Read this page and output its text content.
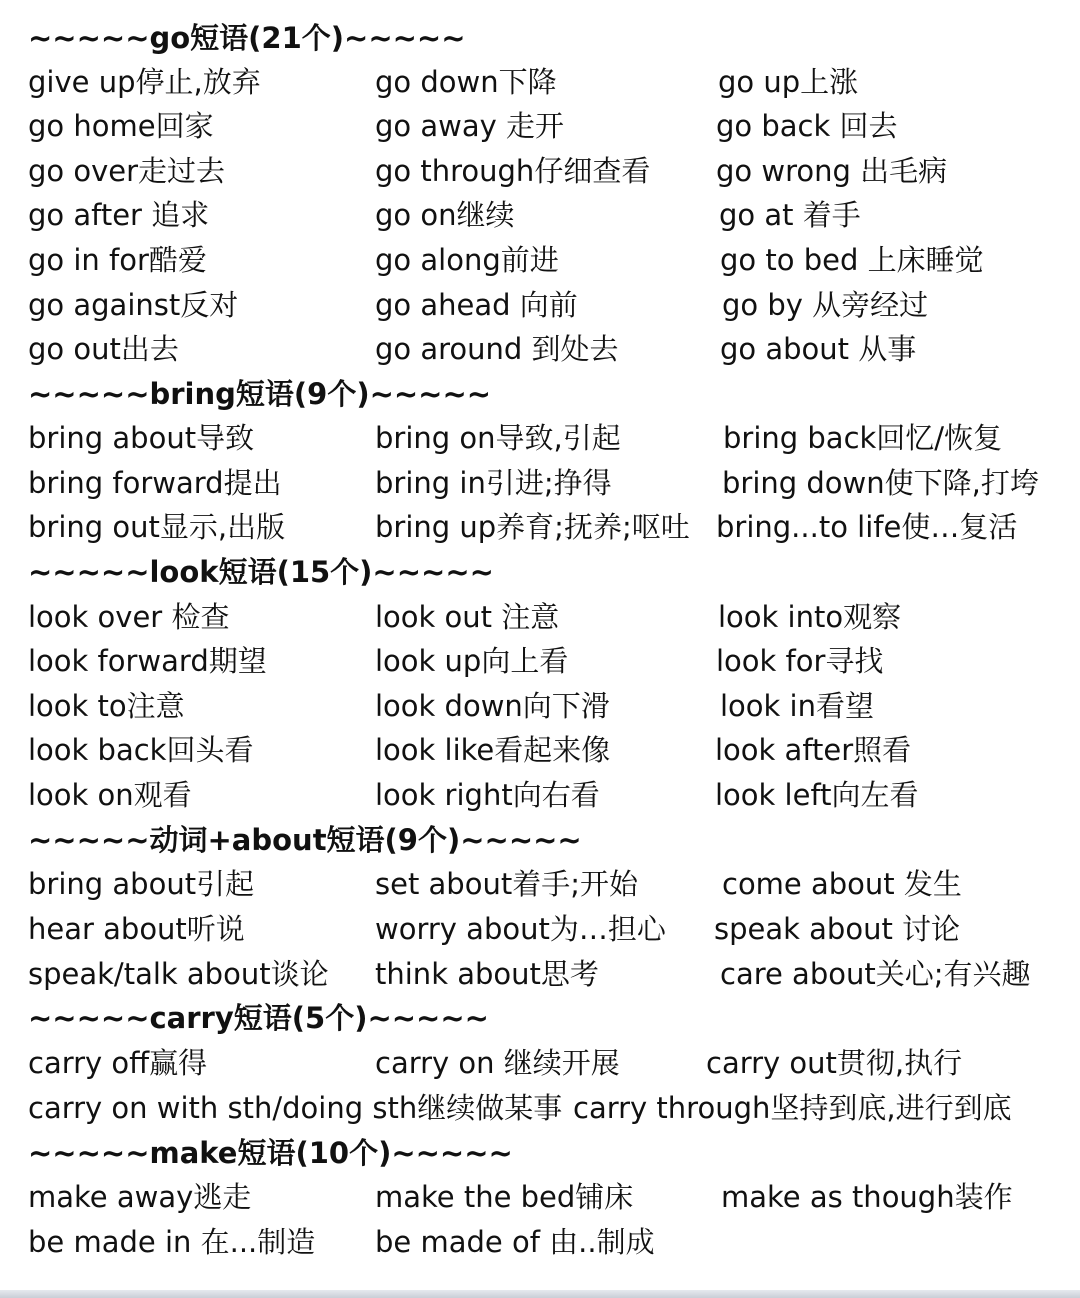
~~~~~go短语(21个)~~~~~
give up停止,放弃	go down下降	go up上涨
go home回家	go away 走开	go back 回去
go over走过去	go through仔细查看 go wrong 出毛病
go after 追求	go on继续	go at 着手
go in for酷爱	go along前进	go to bed 上床睡觉
go against反对	go ahead 向前	go by 从旁经过
go out出去	go around 到处去	go about 从事
~~~~~bring短语(9个)~~~~~
bring about导致	bring on导致,引起	bring back回忆/恢复
bring forward提出	bring in引进;挣得	bring down使下降,打垮
bring out显示,出版	bring up养育;抚养;呕吐 bring...to life使…复活
~~~~~look短语(15个)~~~~~
look over 检查	look out 注意	look into观察
look forward期望	look up向上看	look for寻找
look to注意	look down向下滑	look in看望
look back回头看	look like看起来像	look after照看
look on观看	look right向右看	look left向左看
~~~~~动词+about短语(9个)~~~~~
bring about引起	set about着手;开始	come about 发生
hear about听说	worry about为…担心 speak about 讨论
speak/talk about谈论 think about思考	care about关心;有兴趣
~~~~~carry短语(5个)~~~~~
carry off赢得	carry on 继续开展	carry out贯彻,执行
carry on with sth/doing sth继续做某事 carry through坚持到底,进行到底
~~~~~make短语(10个)~~~~~
make away逃走	make the bed铺床	make as though装作
be made in 在...制造 be made of 由..制成
